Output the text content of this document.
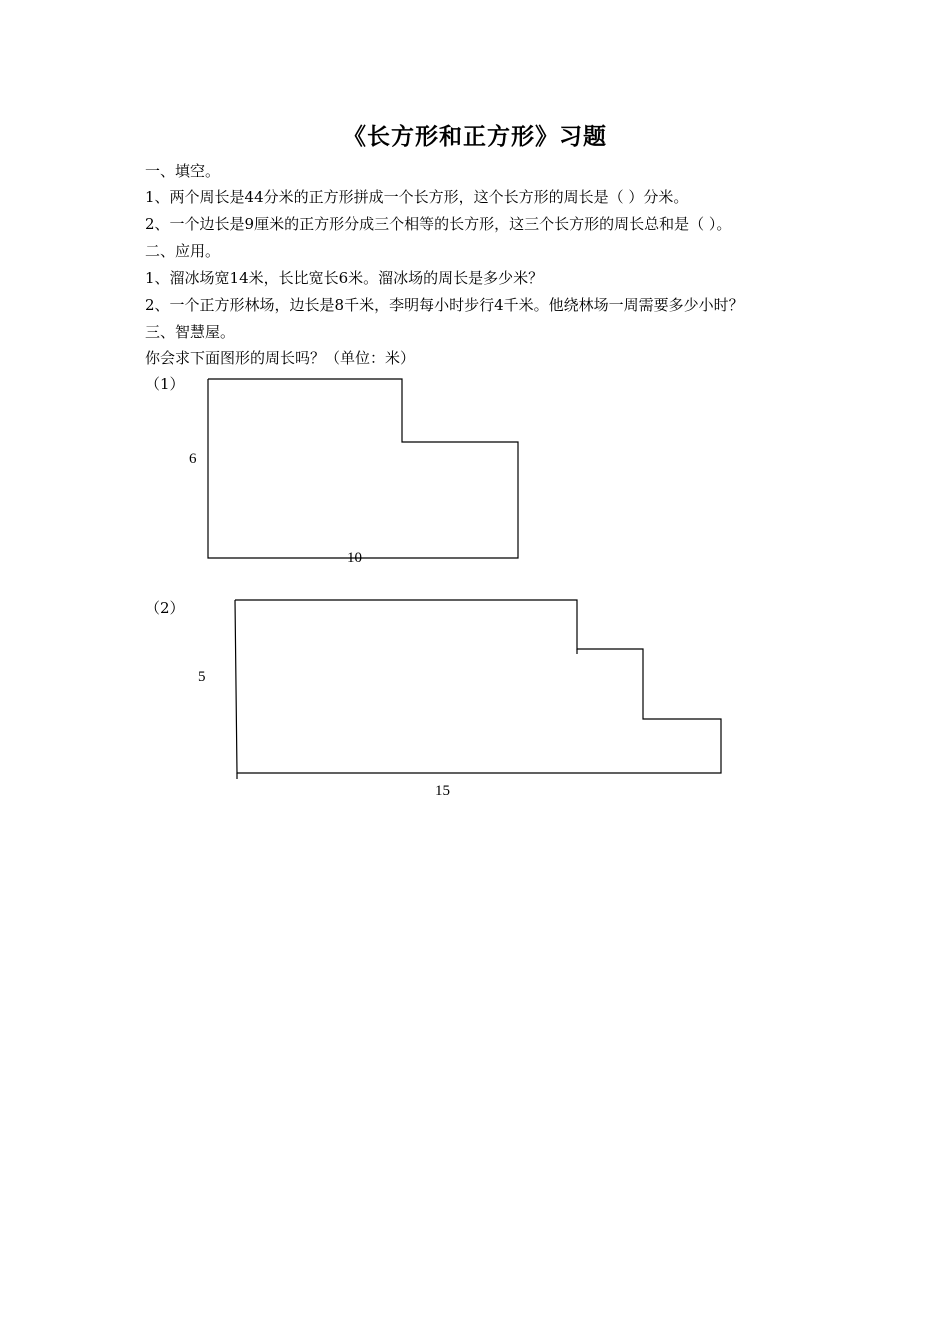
《长方形和正方形》习题
一、填空。
1、两个周长是44分米的正方形拼成一个长方形，这个长方形的周长是（ ）分米。
2、一个边长是9厘米的正方形分成三个相等的长方形，这三个长方形的周长总和是（ ）。
二、应用。
1、溜冰场宽14米，长比宽长6米。溜冰场的周长是多少米？
2、一个正方形林场，边长是8千米，李明每小时步行4千米。他绕林场一周需要多少小时？
三、智慧屋。
你会求下面图形的周长吗？（单位：米）
（1）
6
10
（2）
5
15
